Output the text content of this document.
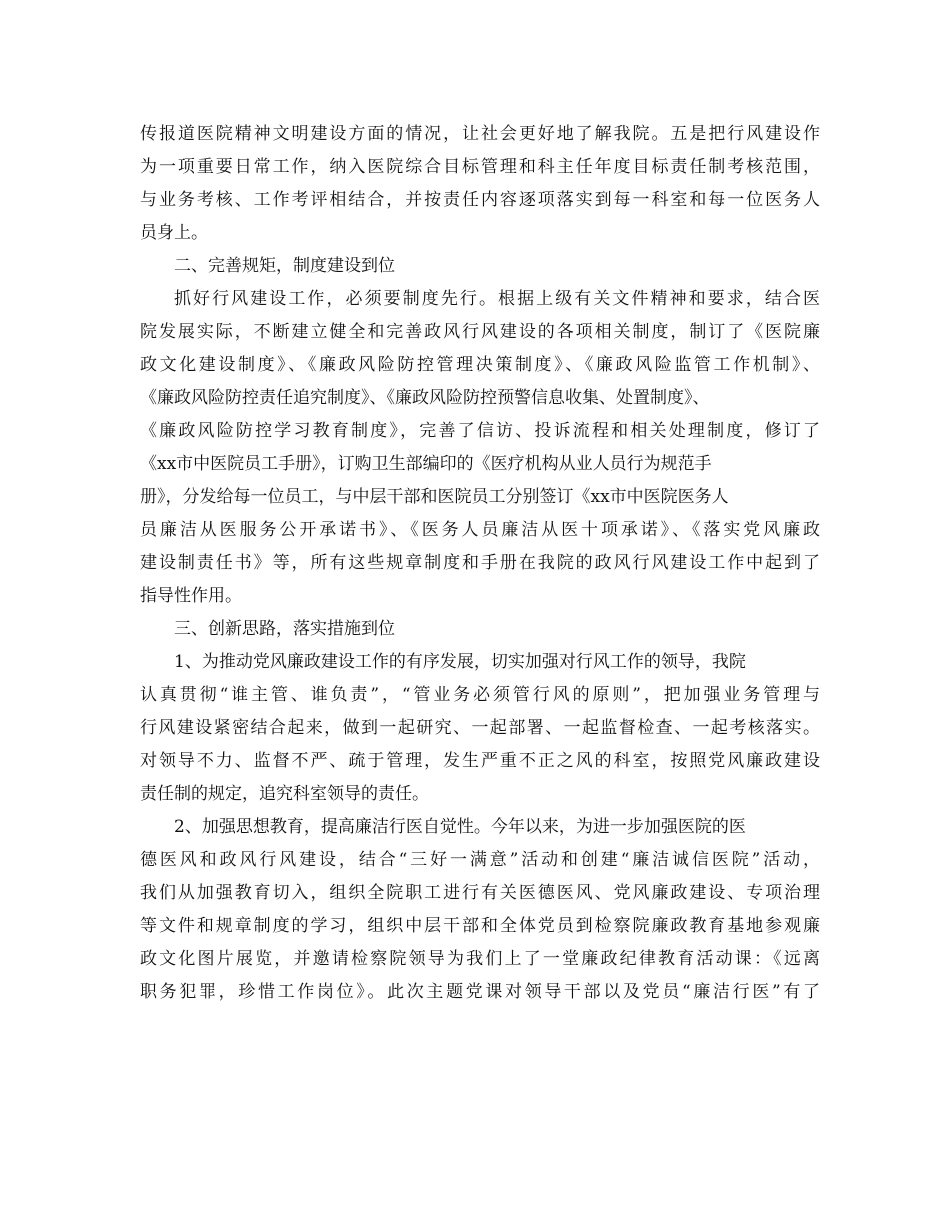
传报道医院精神文明建设方面的情况，让社会更好地了解我院。五是把行风建设作
为一项重要日常工作，纳入医院综合目标管理和科主任年度目标责任制考核范围，
与业务考核、工作考评相结合，并按责任内容逐项落实到每一科室和每一位医务人
员身上。
二、完善规矩，制度建设到位
抓好行风建设工作，必须要制度先行。根据上级有关文件精神和要求，结合医
院发展实际，不断建立健全和完善政风行风建设的各项相关制度，制订了《医院廉
政文化建设制度》、《廉政风险防控管理决策制度》、《廉政风险监管工作机制》、
《廉政风险防控责任追究制度》、《廉政风险防控预警信息收集、处置制度》、
《廉政风险防控学习教育制度》，完善了信访、投诉流程和相关处理制度，修订了
《xx市中医院员工手册》，订购卫生部编印的《医疗机构从业人员行为规范手
册》，分发给每一位员工，与中层干部和医院员工分别签订《xx市中医院医务人
员廉洁从医服务公开承诺书》、《医务人员廉洁从医十项承诺》、《落实党风廉政
建设制责任书》等，所有这些规章制度和手册在我院的政风行风建设工作中起到了
指导性作用。
三、创新思路，落实措施到位
1、为推动党风廉政建设工作的有序发展，切实加强对行风工作的领导，我院
认真贯彻“谁主管、谁负责”，“管业务必须管行风的原则”，把加强业务管理与
行风建设紧密结合起来，做到一起研究、一起部署、一起监督检查、一起考核落实。
对领导不力、监督不严、疏于管理，发生严重不正之风的科室，按照党风廉政建设
责任制的规定，追究科室领导的责任。
2、加强思想教育，提高廉洁行医自觉性。今年以来，为进一步加强医院的医
德医风和政风行风建设，结合“三好一满意”活动和创建“廉洁诚信医院”活动，
我们从加强教育切入，组织全院职工进行有关医德医风、党风廉政建设、专项治理
等文件和规章制度的学习，组织中层干部和全体党员到检察院廉政教育基地参观廉
政文化图片展览，并邀请检察院领导为我们上了一堂廉政纪律教育活动课：《远离
职务犯罪，珍惜工作岗位》。此次主题党课对领导干部以及党员“廉洁行医”有了
